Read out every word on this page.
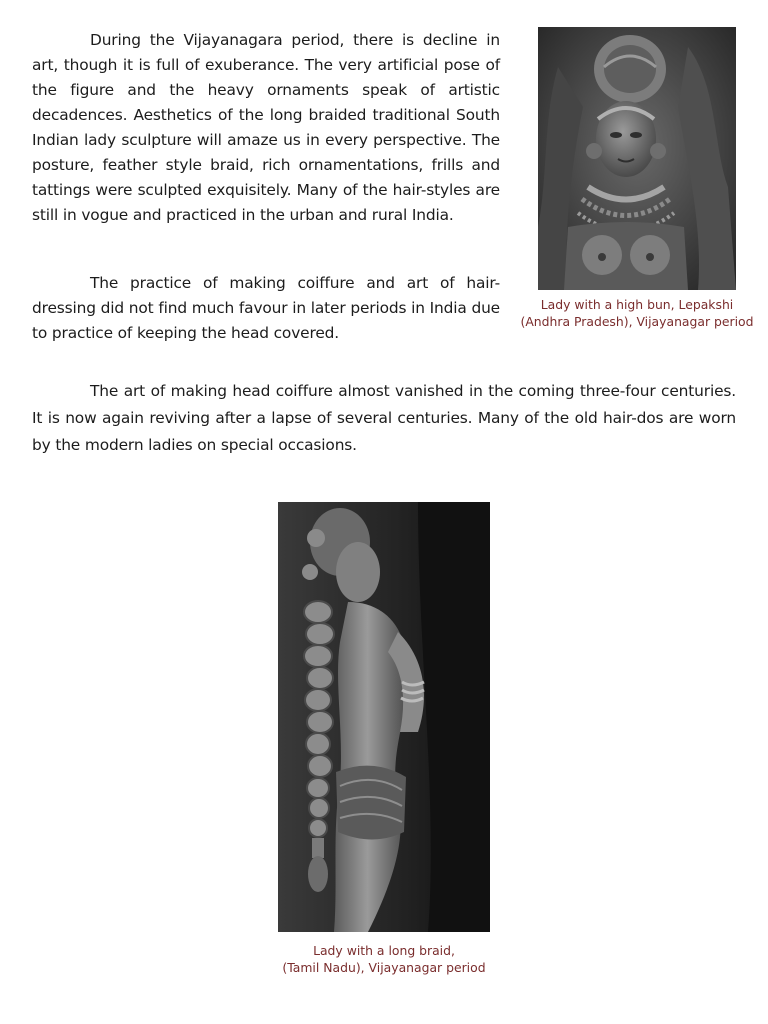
During the Vijayanagara period, there is decline in art, though it is full of exuberance. The very artificial pose of the figure and the heavy ornaments speak of artistic decadences. Aesthetics of the long braided traditional South Indian lady sculpture will amaze us in every perspective. The posture, feather style braid, rich ornamentations, frills and tattings were sculpted exquisitely. Many of the hair-styles are still in vogue and practiced in the urban and rural India.

The practice of making coiffure and art of hair-dressing did not find much favour in later periods in India due to practice of keeping the head covered.

The art of making head coiffure almost vanished in the coming three-four centuries. It is now again reviving after a lapse of several centuries. Many of the old hair-dos are worn by the modern ladies on special occasions.

Lady with a high bun, Lepakshi
(Andhra Pradesh), Vijayanagar period

Lady with a long braid,
(Tamil Nadu), Vijayanagar period
